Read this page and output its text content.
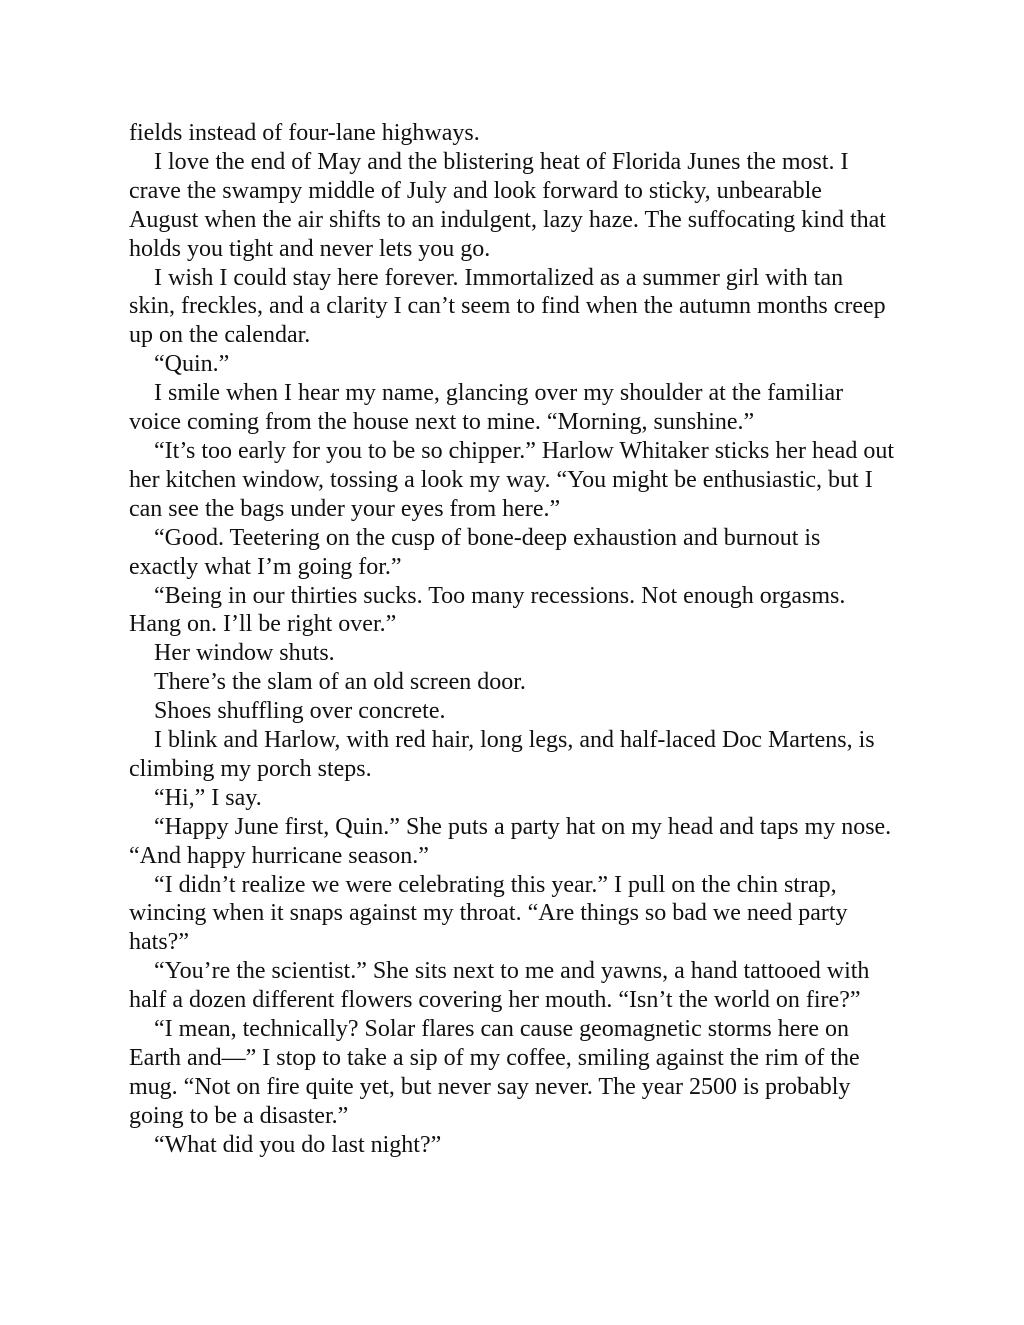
fields instead of four-lane highways.

I love the end of May and the blistering heat of Florida Junes the most. I crave the swampy middle of July and look forward to sticky, unbearable August when the air shifts to an indulgent, lazy haze. The suffocating kind that holds you tight and never lets you go.

I wish I could stay here forever. Immortalized as a summer girl with tan skin, freckles, and a clarity I can’t seem to find when the autumn months creep up on the calendar.

“Quin.”

I smile when I hear my name, glancing over my shoulder at the familiar voice coming from the house next to mine. “Morning, sunshine.”

“It’s too early for you to be so chipper.” Harlow Whitaker sticks her head out her kitchen window, tossing a look my way. “You might be enthusiastic, but I can see the bags under your eyes from here.”

“Good. Teetering on the cusp of bone-deep exhaustion and burnout is exactly what I’m going for.”

“Being in our thirties sucks. Too many recessions. Not enough orgasms. Hang on. I’ll be right over.”

Her window shuts.

There’s the slam of an old screen door.

Shoes shuffling over concrete.

I blink and Harlow, with red hair, long legs, and half-laced Doc Martens, is climbing my porch steps.

“Hi,” I say.

“Happy June first, Quin.” She puts a party hat on my head and taps my nose. “And happy hurricane season.”

“I didn’t realize we were celebrating this year.” I pull on the chin strap, wincing when it snaps against my throat. “Are things so bad we need party hats?”

“You’re the scientist.” She sits next to me and yawns, a hand tattooed with half a dozen different flowers covering her mouth. “Isn’t the world on fire?”

“I mean, technically? Solar flares can cause geomagnetic storms here on Earth and—” I stop to take a sip of my coffee, smiling against the rim of the mug. “Not on fire quite yet, but never say never. The year 2500 is probably going to be a disaster.”

“What did you do last night?”
